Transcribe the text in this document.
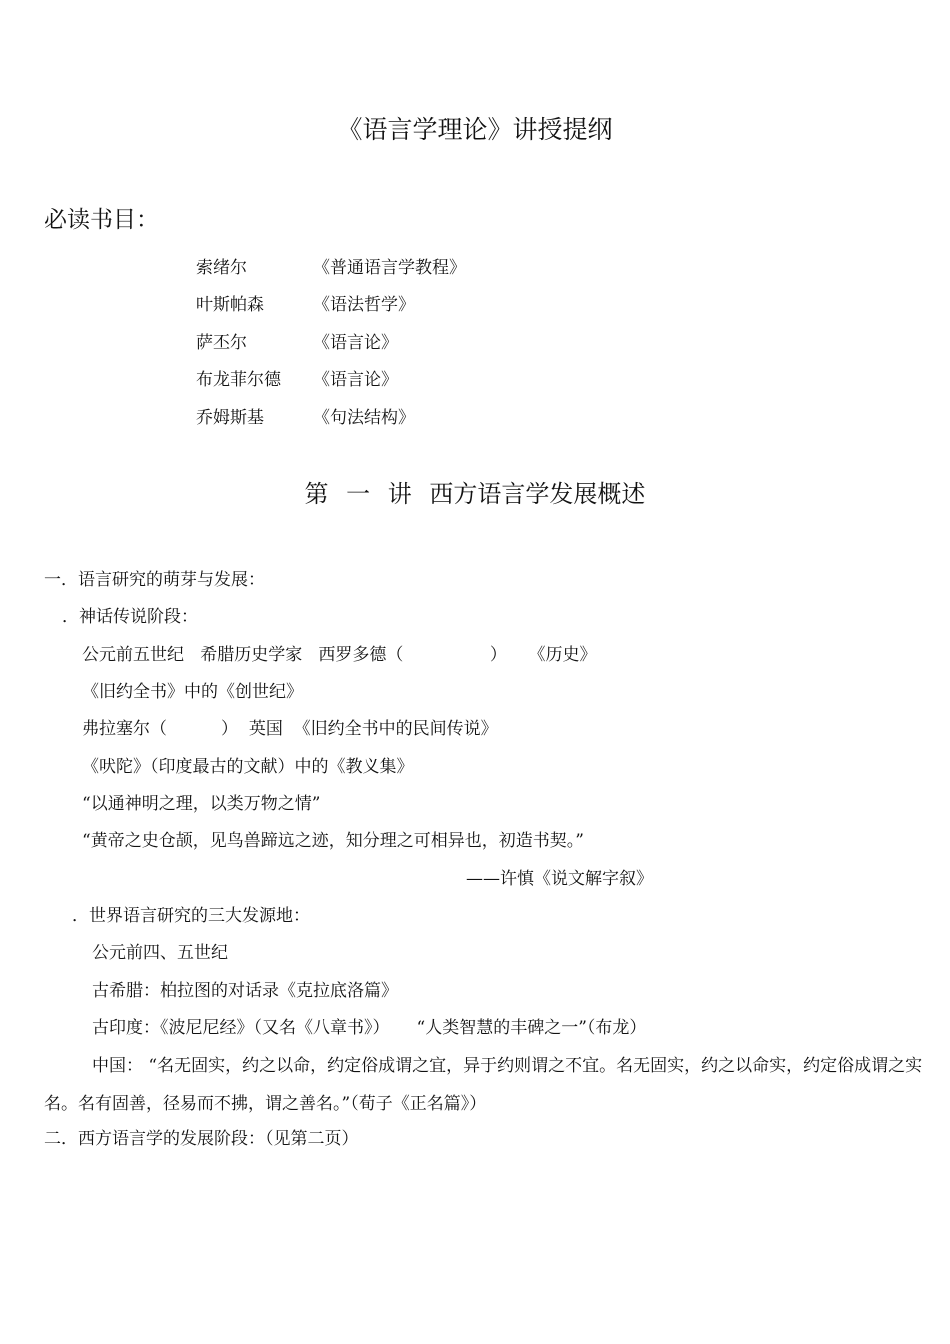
《语言学理论》讲授提纲
必读书目：
索绪尔	《普通语言学教程》
叶斯帕森	《语法哲学》
萨丕尔	《语言论》
布龙菲尔德 《语言论》
乔姆斯基	《句法结构》
第 一 讲 西方语言学发展概述
一．语言研究的萌芽与发展：
．神话传说阶段：
公元前五世纪   希腊历史学家   西罗多德（                ）    《历史》
《旧约全书》中的《创世纪》
弗拉塞尔（          ）  英国  《旧约全书中的民间传说》
《吠陀》（印度最古的文献）中的《教义集》
“以通神明之理，以类万物之情”
“黄帝之史仓颉，见鸟兽蹄迒之迹，知分理之可相异也，初造书契。”
——许慎《说文解字叙》
．世界语言研究的三大发源地：
公元前四、五世纪
古希腊：柏拉图的对话录《克拉底洛篇》
古印度：《波尼尼经》（又名《八章书》）     “人类智慧的丰碑之一”（布龙）
中国： “名无固实，约之以命，约定俗成谓之宜，异于约则谓之不宜。名无固实，约之以命实，约定俗成谓之实名。名有固善，径易而不拂，谓之善名。”（荀子《正名篇》）
二．西方语言学的发展阶段：（见第二页）
